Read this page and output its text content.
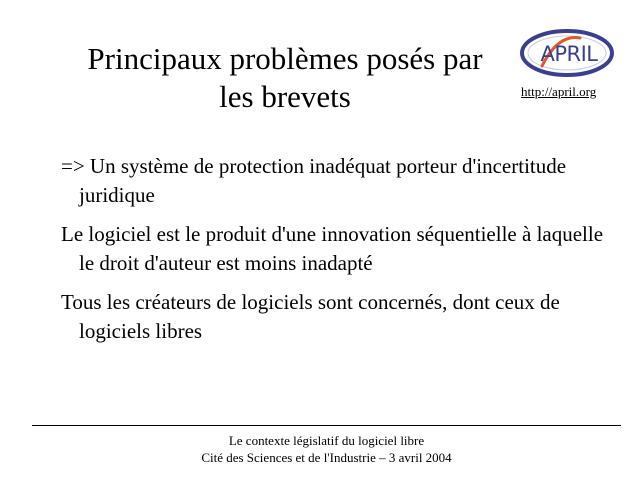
Principaux problèmes posés par
les brevets
APRIL
http://april.org
=> Un système de protection inadéquat porteur d'incertitude juridique
Le logiciel est le produit d'une innovation séquentielle à laquelle le droit d'auteur est moins inadapté
Tous les créateurs de logiciels sont concernés, dont ceux de logiciels libres
Le contexte législatif du logiciel libre
Cité des Sciences et de l'Industrie – 3 avril 2004
